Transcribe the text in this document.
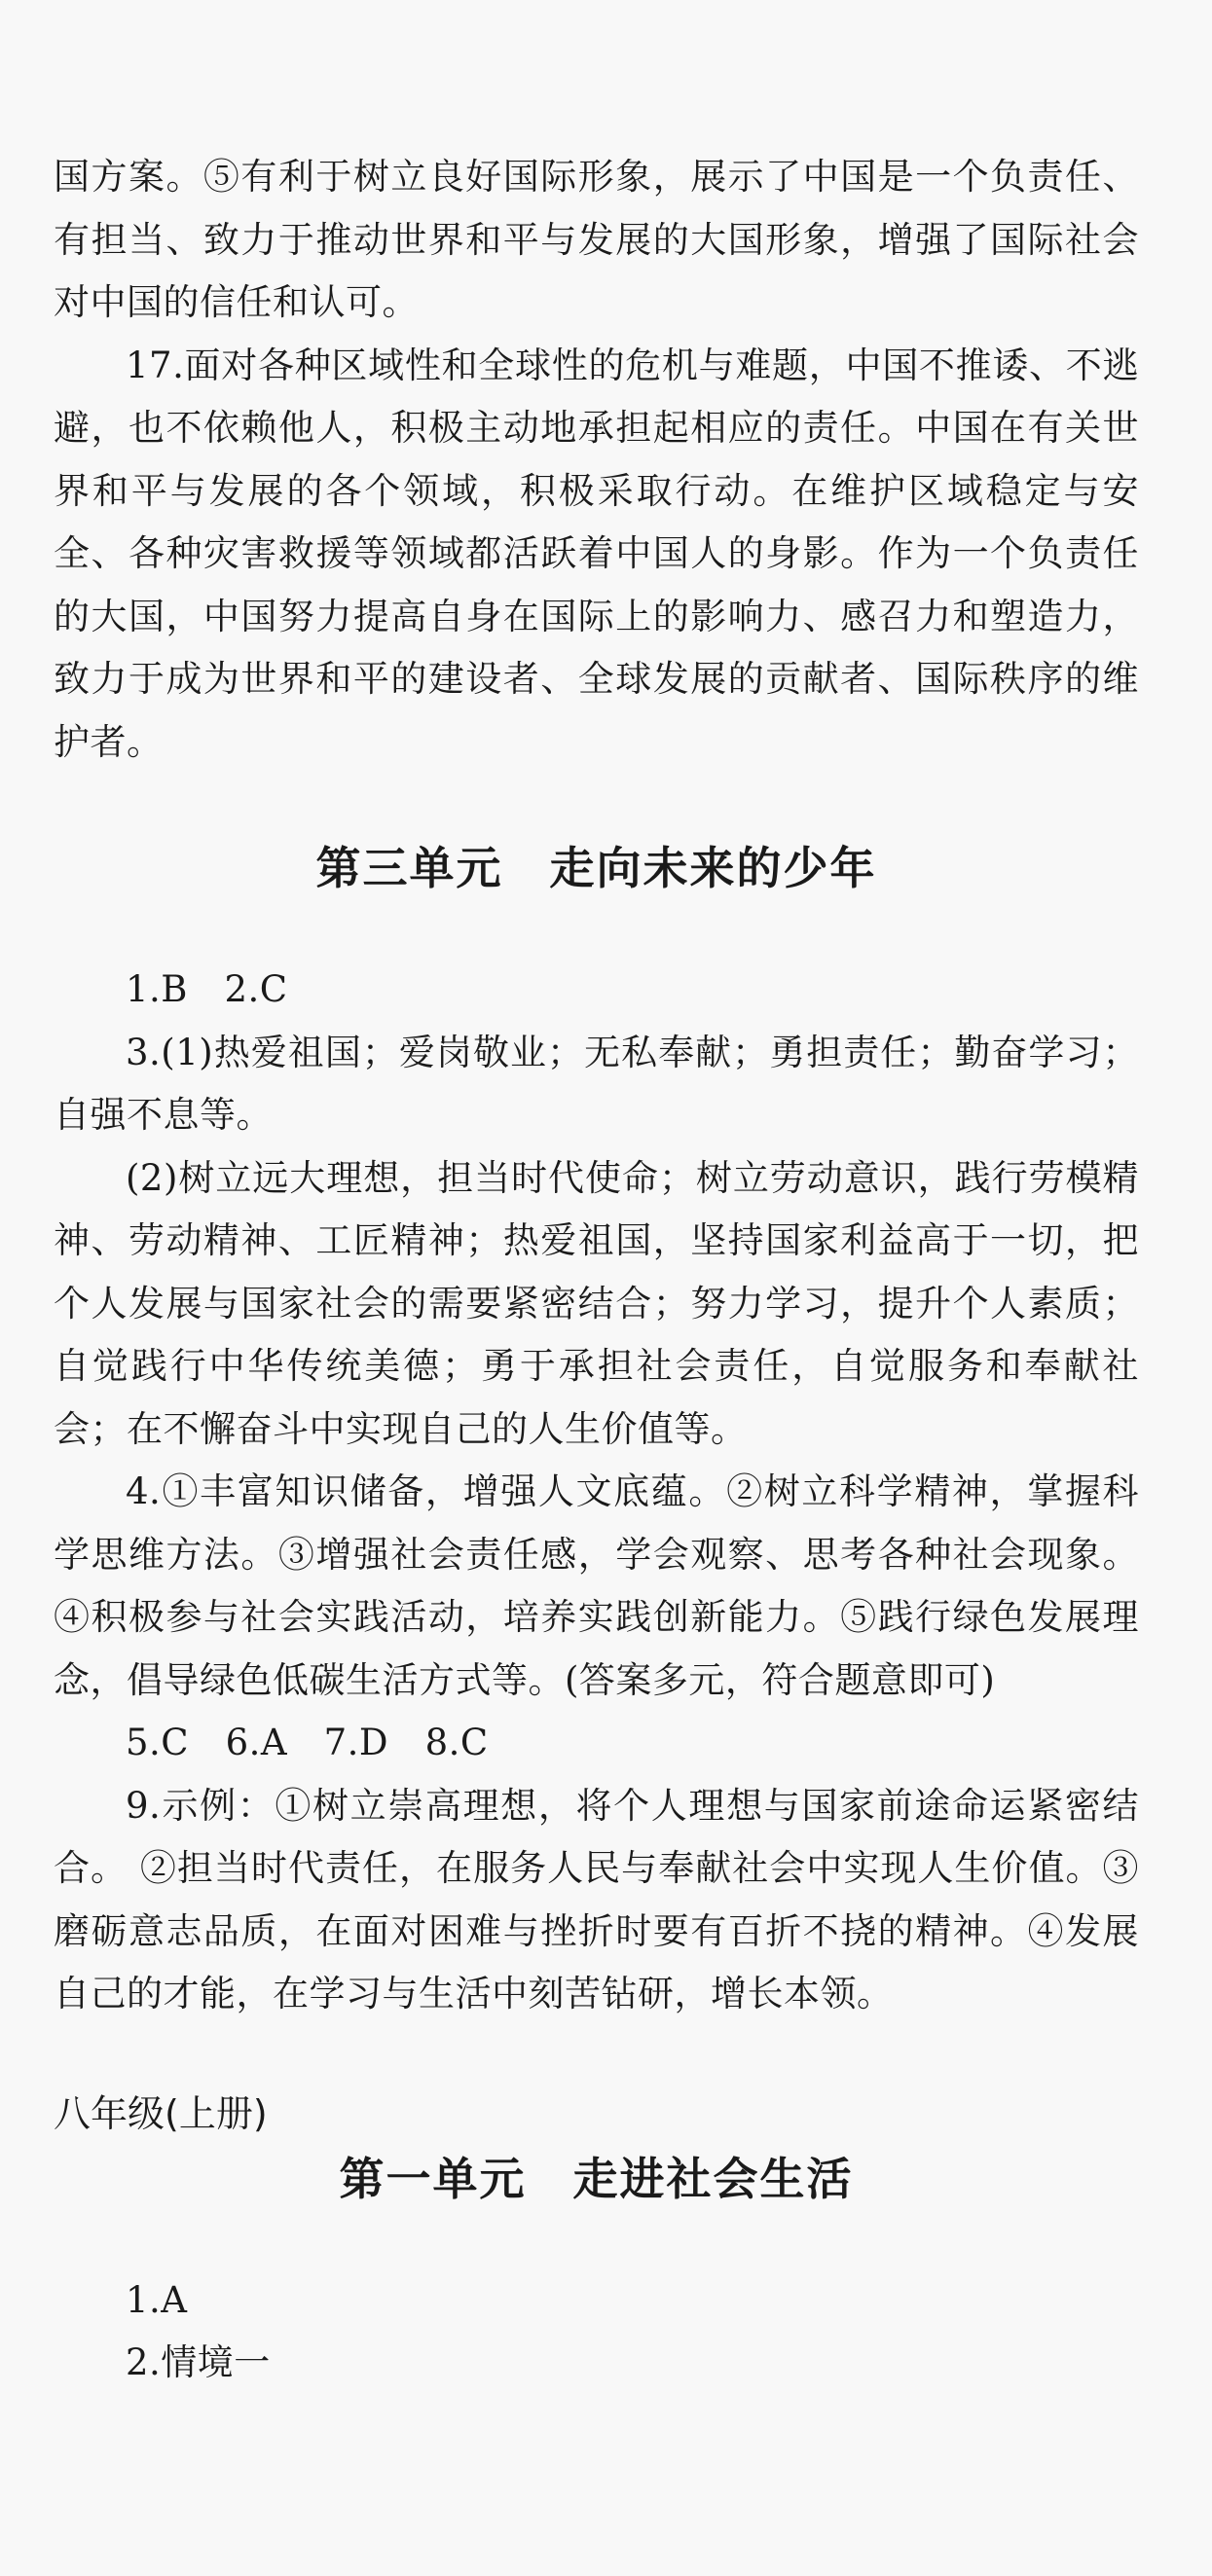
国方案。⑤有利于树立良好国际形象，展示了中国是一个负责任、有担当、致力于推动世界和平与发展的大国形象，增强了国际社会对中国的信任和认可。

17.面对各种区域性和全球性的危机与难题，中国不推诿、不逃避，也不依赖他人，积极主动地承担起相应的责任。中国在有关世界和平与发展的各个领域，积极采取行动。在维护区域稳定与安全、各种灾害救援等领域都活跃着中国人的身影。作为一个负责任的大国，中国努力提高自身在国际上的影响力、感召力和塑造力，致力于成为世界和平的建设者、全球发展的贡献者、国际秩序的维护者。

第三单元　走向未来的少年

1.B　2.C

3.(1)热爱祖国；爱岗敬业；无私奉献；勇担责任；勤奋学习；自强不息等。

(2)树立远大理想，担当时代使命；树立劳动意识，践行劳模精神、劳动精神、工匠精神；热爱祖国，坚持国家利益高于一切，把个人发展与国家社会的需要紧密结合；努力学习，提升个人素质；自觉践行中华传统美德；勇于承担社会责任，自觉服务和奉献社会；在不懈奋斗中实现自己的人生价值等。

4.①丰富知识储备，增强人文底蕴。②树立科学精神，掌握科学思维方法。③增强社会责任感，学会观察、思考各种社会现象。④积极参与社会实践活动，培养实践创新能力。⑤践行绿色发展理念，倡导绿色低碳生活方式等。(答案多元，符合题意即可)

5.C　6.A　7.D　8.C

9.示例：①树立崇高理想，将个人理想与国家前途命运紧密结合。 ②担当时代责任，在服务人民与奉献社会中实现人生价值。③磨砺意志品质，在面对困难与挫折时要有百折不挠的精神。④发展自己的才能，在学习与生活中刻苦钻研，增长本领。

八年级(上册)
第一单元　走进社会生活

1.A

2.情境一
